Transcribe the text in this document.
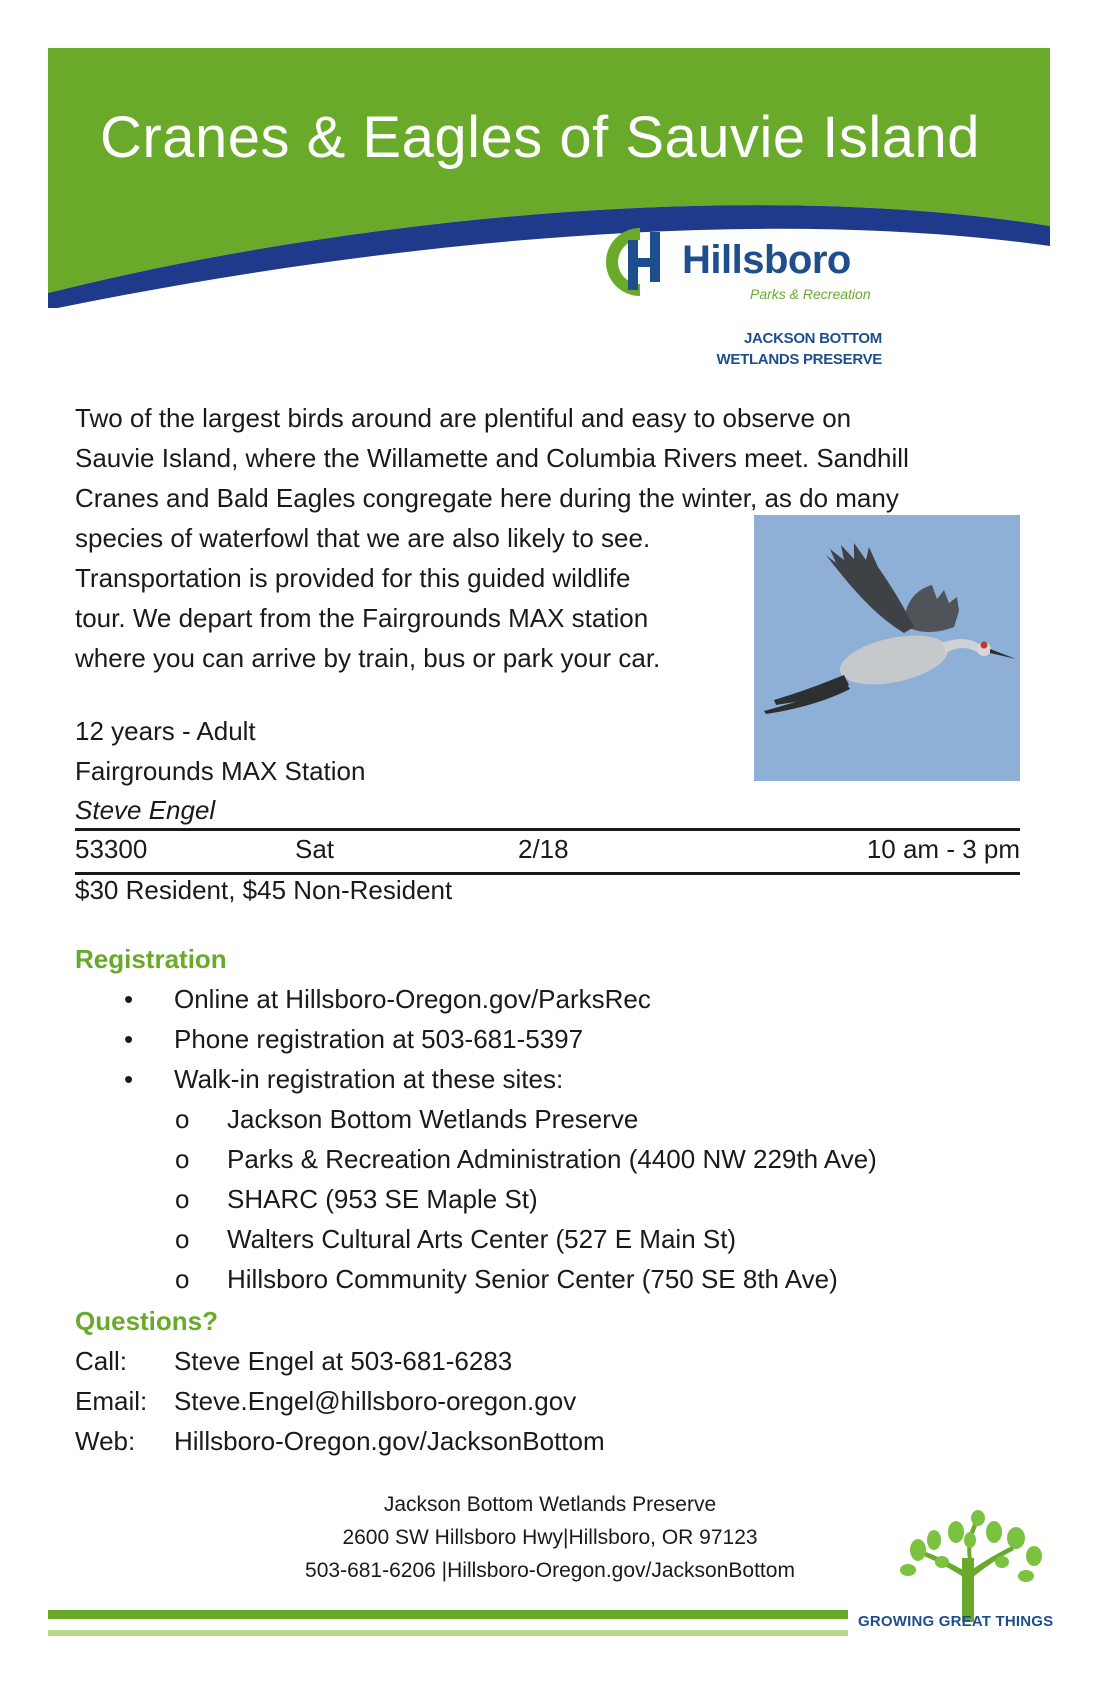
Cranes & Eagles of Sauvie Island
Hillsboro
Parks & Recreation
JACKSON BOTTOM
WETLANDS PRESERVE
Two of the largest birds around are plentiful and easy to observe on
Sauvie Island, where the Willamette and Columbia Rivers meet. Sandhill
Cranes and Bald Eagles congregate here during the winter, as do many
species of waterfowl that we are also likely to see.
Transportation is provided for this guided wildlife
tour. We depart from the Fairgrounds MAX station
where you can arrive by train, bus or park your car.
12 years - Adult
Fairgrounds MAX Station
Steve Engel
53300	Sat	2/18	10 am - 3 pm
$30 Resident, $45 Non-Resident
Registration
• Online at Hillsboro-Oregon.gov/ParksRec
• Phone registration at 503-681-5397
• Walk-in registration at these sites:
o Jackson Bottom Wetlands Preserve
o Parks & Recreation Administration (4400 NW 229th Ave)
o SHARC (953 SE Maple St)
o Walters Cultural Arts Center (527 E Main St)
o Hillsboro Community Senior Center (750 SE 8th Ave)
Questions?
Call: Steve Engel at 503-681-6283
Email: Steve.Engel@hillsboro-oregon.gov
Web: Hillsboro-Oregon.gov/JacksonBottom
Jackson Bottom Wetlands Preserve
2600 SW Hillsboro Hwy|Hillsboro, OR 97123
503-681-6206 |Hillsboro-Oregon.gov/JacksonBottom
GROWING GREAT THINGS
